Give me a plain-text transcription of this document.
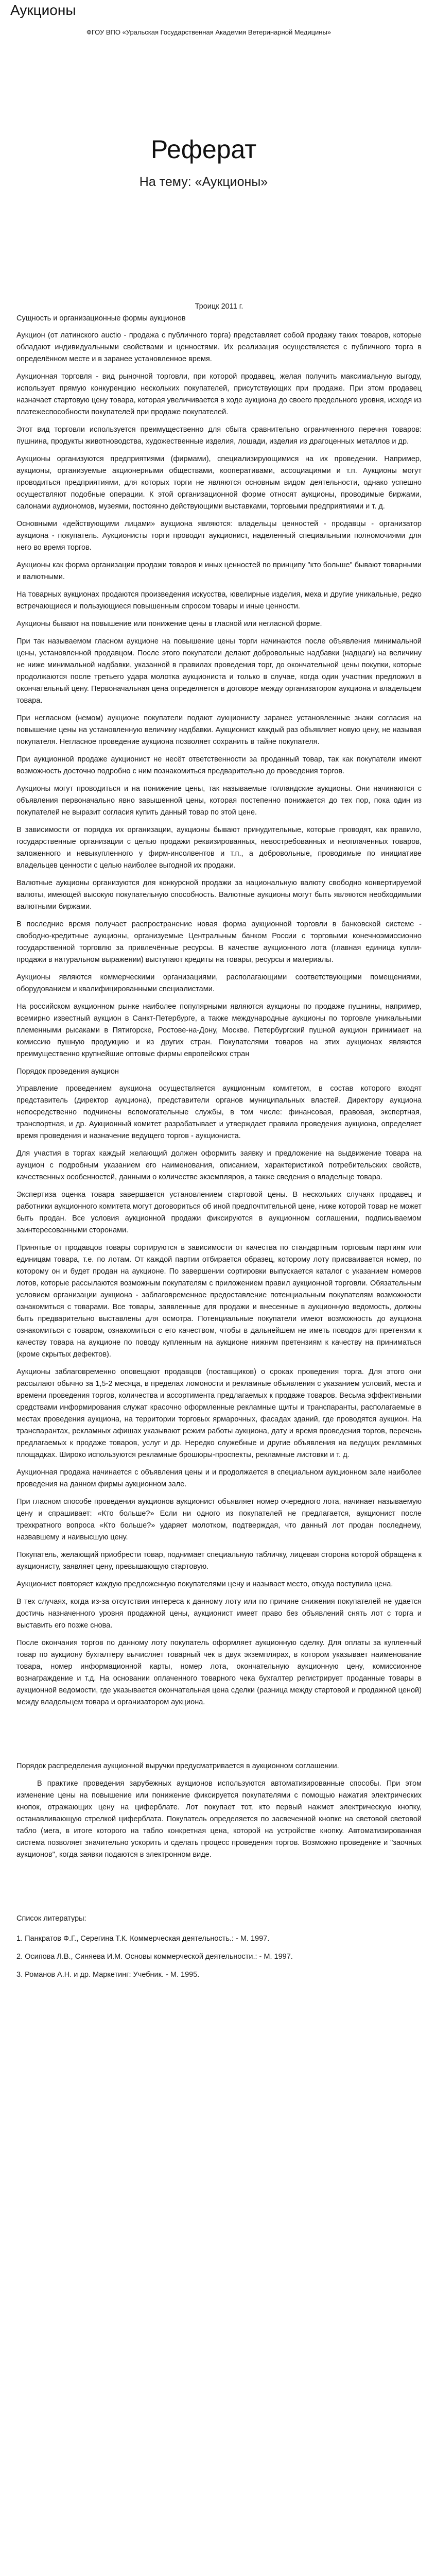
Аукционы

ФГОУ ВПО «Уральская Государственная Академия Ветеринарной Медицины»

Реферат

На тему: «Аукционы»

Троицк 2011 г.

Сущность и организационные формы аукционов

Аукцион (от латинского auctio - продажа с публичного торга) представляет собой продажу таких товаров, которые обладают индивидуальными свойствами и ценностями. Их реализация осуществляется с публичного торга в определённом месте и в заранее установленное время.

Аукционная торговля - вид рыночной торговли, при которой продавец, желая получить максимальную выгоду, использует прямую конкуренцию нескольких покупателей, присутствующих при продаже. При этом продавец назначает стартовую цену товара, которая увеличивается в ходе аукциона до своего предельного уровня, исходя из платежеспособности покупателей при продаже покупателей.

Этот вид торговли используется преимущественно для сбыта сравнительно ограниченного перечня товаров: пушнина, продукты животноводства, художественные изделия, лошади, изделия из драгоценных металлов и др.

Аукционы организуются предприятиями (фирмами), специализирующимися на их проведении. Например, аукционы, организуемые акционерными обществами, кооперативами, ассоциациями и т.п. Аукционы могут проводиться предприятиями, для которых торги не являются основным видом деятельности, однако успешно осуществляют подобные операции. К этой организационной форме относят аукционы, проводимые биржами, салонами аудиономов, музеями, постоянно действующими выставками, торговыми предприятиями и т. д.

Основными «действующими лицами» аукциона являются: владельцы ценностей - продавцы - организатор аукциона - покупатель. Аукционисты торги проводит аукционист, наделенный специальными полномочиями для него во время торгов.

Аукционы как форма организации продажи товаров и иных ценностей по принципу "кто больше" бывают товарными и валютными.

На товарных аукционах продаются произведения искусства, ювелирные изделия, меха и другие уникальные, редко встречающиеся и пользующиеся повышенным спросом товары и иные ценности.

Аукционы бывают на повышение или понижение цены в гласной или негласной форме.

При так называемом гласном аукционе на повышение цены торги начинаются после объявления минимальной цены, установленной продавцом. После этого покупатели делают добровольные надбавки (надцаги) на величину не ниже минимальной надбавки, указанной в правилах проведения торг, до окончательной цены покупки, которые продолжаются после третьего удара молотка аукциониста и только в случае, когда один участник предложил в окончательный цену. Первоначальная цена определяется в договоре между организатором аукциона и владельцем товара.

При негласном (немом) аукционе покупатели подают аукционисту заранее установленные знаки согласия на повышение цены на установленную величину надбавки. Аукционист каждый раз объявляет новую цену, не называя покупателя. Негласное проведение аукциона позволяет сохранить в тайне покупателя.

При аукционной продаже аукционист не несёт ответственности за проданный товар, так как покупатели имеют возможность досточно подробно с ним познакомиться предварительно до проведения торгов.

Аукционы могут проводиться и на понижение цены, так называемые голландские аукционы. Они начинаются с объявления первоначально явно завышенной цены, которая постепенно понижается до тех пор, пока один из покупателей не выразит согласия купить данный товар по этой цене.

В зависимости от порядка их организации, аукционы бывают принудительные, которые проводят, как правило, государственные организации с целью продажи реквизированных, невостребованных и неоплаченных товаров, заложенного и невыкупленного у фирм-инсолвентов и т.п., а добровольные, проводимые по инициативе владельцев ценности с целью наиболее выгодной их продажи.

Валютные аукционы организуются для конкурсной продажи за национальную валюту свободно конвертируемой валюты, имеющей высокую покупательную способность. Валютные аукционы могут быть являются необходимыми валютными биржами.

В последние время получает распространение новая форма аукционной торговли в банковской системе - свободно-кредитные аукционы, организуемые Центральным банком России с торговыми конечноэмиссионно государственной торговлю за привлечённые ресурсы. В качестве аукционного лота (главная единица купли-продажи в натуральном выражении) выступают кредиты на товары, ресурсы и материалы.

Аукционы являются коммерческими организациями, располагающими соответствующими помещениями, оборудованием и квалифицированными специалистами.

На российском аукционном рынке наиболее популярными являются аукционы по продаже пушнины, например, всемирно известный аукцион в Санкт-Петербурге, а также международные аукционы по торговле уникальными племенными рысаками в Пятигорске, Ростове-на-Дону, Москве. Петербургский пушной аукцион принимает на комиссию пушную продукцию и из других стран. Покупателями товаров на этих аукционах являются преимущественно крупнейшие оптовые фирмы европейских стран

Порядок проведения аукцион

Управление проведением аукциона осуществляется аукционным комитетом, в состав которого входят представитель (директор аукциона), представители органов муниципальных властей. Директору аукциона непосредственно подчинены вспомогательные службы, в том числе: финансовая, правовая, экспертная, транспортная, и др. Аукционный комитет разрабатывает и утверждает правила проведения аукциона, определяет время проведения и назначение ведущего торгов - аукциониста.

Для участия в торгах каждый желающий должен оформить заявку и предложение на выдвижение товара на аукцион с подробным указанием его наименования, описанием, характеристикой потребительских свойств, качественных особенностей, данными о количестве экземпляров, а также сведения о владельце товара.

Экспертиза оценка товара завершается установлением стартовой цены. В нескольких случаях продавец и работники аукционного комитета могут договориться об иной предпочтительной цене, ниже которой товар не может быть продан. Все условия аукционной продажи фиксируются в аукционном соглашении, подписываемом заинтересованными сторонами.

Принятые от продавцов товары сортируются в зависимости от качества по стандартным торговым партиям или единицам товара, т.е. по лотам. От каждой партии отбирается образец, которому лоту присваивается номер, по которому он и будет продан на аукционе. По завершении сортировки выпускается каталог с указанием номеров лотов, которые рассылаются возможным покупателям с приложением правил аукционной торговли. Обязательным условием организации аукциона - заблаговременное предоставление потенциальным покупателям возможности ознакомиться с товарами. Все товары, заявленные для продажи и внесенные в аукционную ведомость, должны быть предварительно выставлены для осмотра. Потенциальные покупатели имеют возможность до аукциона ознакомиться с товаром, ознакомиться с его качеством, чтобы в дальнейшем не иметь поводов для претензии к качеству товара на аукционе по поводу купленным на аукционе нижним претензиям к качеству на приниматься (кроме скрытых дефектов).

Аукционы заблаговременно оповещают продавцов (поставщиков) о сроках проведения торга. Для этого они рассылают обычно за 1,5-2 месяца, в пределах ломоности и рекламные объявления с указанием условий, места и времени проведения торгов, количества и ассортимента предлагаемых к продаже товаров. Весьма эффективными средствами информирования служат красочно оформленные рекламные щиты и транспаранты, располагаемые в местах проведения аукциона, на территории торговых ярмарочных, фасадах зданий, где проводятся аукцион. На транспарантах, рекламных афишах указывают режим работы аукциона, дату и время проведения торгов, перечень предлагаемых к продаже товаров, услуг и др. Нередко служебные и другие объявления на ведущих рекламных площадках. Широко используются рекламные брошюры-проспекты, рекламные листовки и т. д.

Аукционная продажа начинается с объявления цены и и продолжается в специальном аукционном зале наиболее проведения на данном фирмы аукционном зале.

При гласном способе проведения аукционов аукционист объявляет номер очередного лота, начинает называемую цену и спрашивает: «Кто больше?» Если ни одного из покупателей не предлагается, аукционист после трехкратного вопроса «Кто больше?» ударяет молотком, подтверждая, что данный лот продан последнему, назвавшему и наивысшую цену.

Покупатель, желающий приобрести товар, поднимает специальную табличку, лицевая сторона которой обращена к аукционисту, заявляет цену, превышающую стартовую.

Аукционист повторяет каждую предложенную покупателями цену и называет место, откуда поступила цена.

В тех случаях, когда из-за отсутствия интереса к данному лоту или по причине снижения покупателей не удается достичь назначенного уровня продажной цены, аукционист имеет право без объявлений снять лот с торга и выставить его позже снова.

После окончания торгов по данному лоту покупатель оформляет аукционную сделку. Для оплаты за купленный товар по аукциону бухгалтеру вычисляет товарный чек в двух экземплярах, в котором указывает наименование товара, номер информационной карты, номер лота, окончательную аукционную цену, комиссионное вознаграждение и т.д. На основании оплаченного товарного чека бухгалтер регистрирует проданные товары в аукционной ведомости, где указывается окончательная цена сделки (разница между стартовой и продажной ценой) между владельцем товара и организатором аукциона.

Порядок распределения аукционной выручки предусматривается в аукционном соглашении.

В практике проведения зарубежных аукционов используются автоматизированные способы. При этом изменение цены на повышение или понижение фиксируется покупателями с помощью нажатия электрических кнопок, отражающих цену на циферблате. Лот покупает тот, кто первый нажмет электрическую кнопку, останавливающую стрелкой циферблата. Покупатель определяется по засвеченной кнопке на световой световой табло (мега, в итоге которого на табло конкретная цена, которой на устройстве кнопку. Автоматизированная система позволяет значительно ускорить и сделать процесс проведения торгов. Возможно проведение и "заочных аукционов", когда заявки подаются в электронном виде.

Список литературы:

1. Панкратов Ф.Г., Серегина Т.К. Коммерческая деятельность.: - М. 1997.

2. Осипова Л.В., Синяева И.М. Основы коммерческой деятельности.: - М. 1997.

3. Романов А.Н. и др. Маркетинг: Учебник. - М. 1995.
